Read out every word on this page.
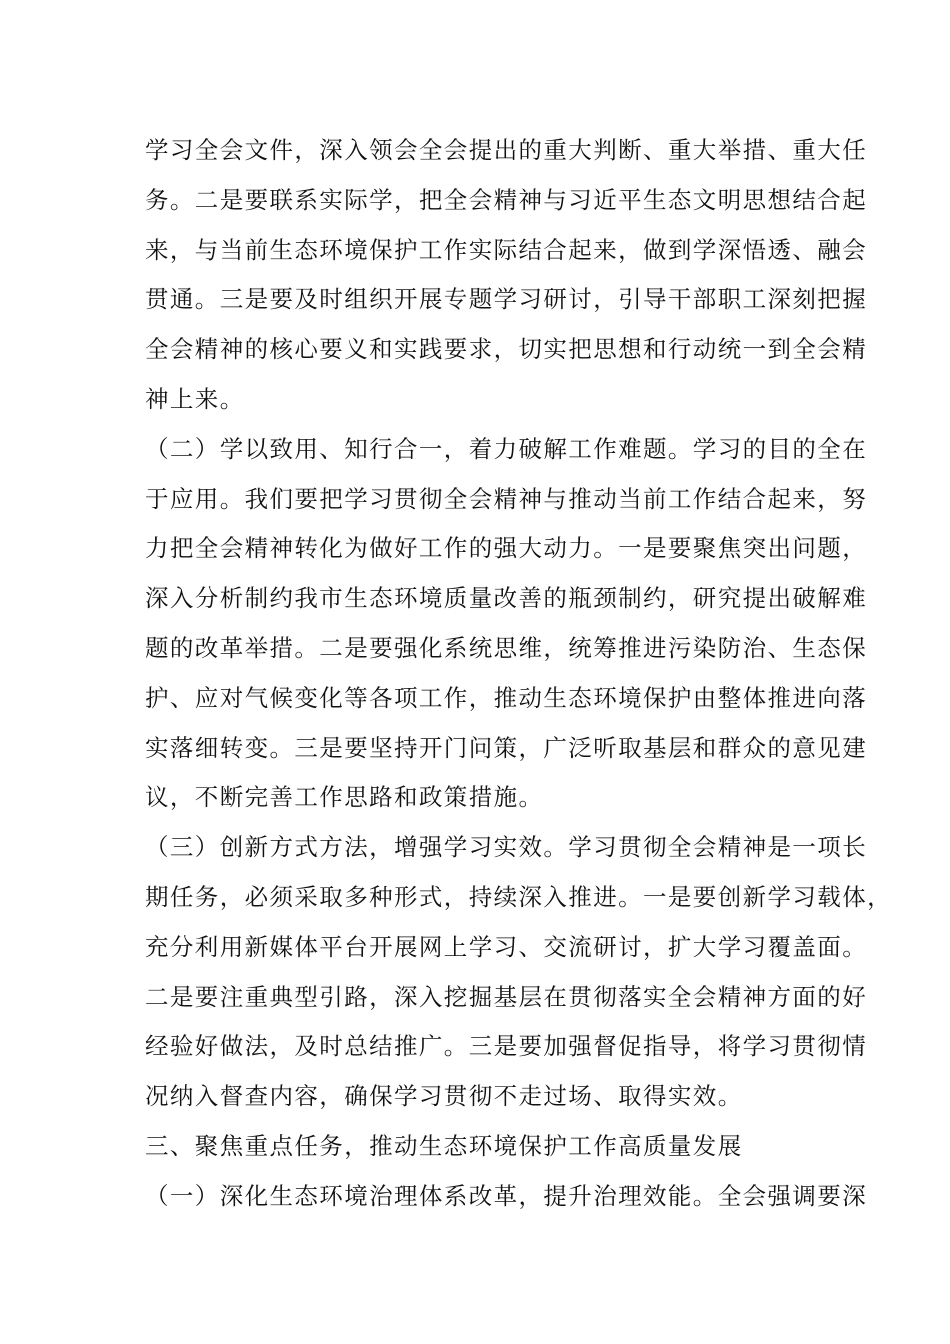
学习全会文件，深入领会全会提出的重大判断、重大举措、重大任
务。二是要联系实际学，把全会精神与习近平生态文明思想结合起
来，与当前生态环境保护工作实际结合起来，做到学深悟透、融会
贯通。三是要及时组织开展专题学习研讨，引导干部职工深刻把握
全会精神的核心要义和实践要求，切实把思想和行动统一到全会精
神上来。
（二）学以致用、知行合一，着力破解工作难题。学习的目的全在
于应用。我们要把学习贯彻全会精神与推动当前工作结合起来，努
力把全会精神转化为做好工作的强大动力。一是要聚焦突出问题，
深入分析制约我市生态环境质量改善的瓶颈制约，研究提出破解难
题的改革举措。二是要强化系统思维，统筹推进污染防治、生态保
护、应对气候变化等各项工作，推动生态环境保护由整体推进向落
实落细转变。三是要坚持开门问策，广泛听取基层和群众的意见建
议，不断完善工作思路和政策措施。
（三）创新方式方法，增强学习实效。学习贯彻全会精神是一项长
期任务，必须采取多种形式，持续深入推进。一是要创新学习载体，
充分利用新媒体平台开展网上学习、交流研讨，扩大学习覆盖面。
二是要注重典型引路，深入挖掘基层在贯彻落实全会精神方面的好
经验好做法，及时总结推广。三是要加强督促指导，将学习贯彻情
况纳入督查内容，确保学习贯彻不走过场、取得实效。
三、聚焦重点任务，推动生态环境保护工作高质量发展
（一）深化生态环境治理体系改革，提升治理效能。全会强调要深
